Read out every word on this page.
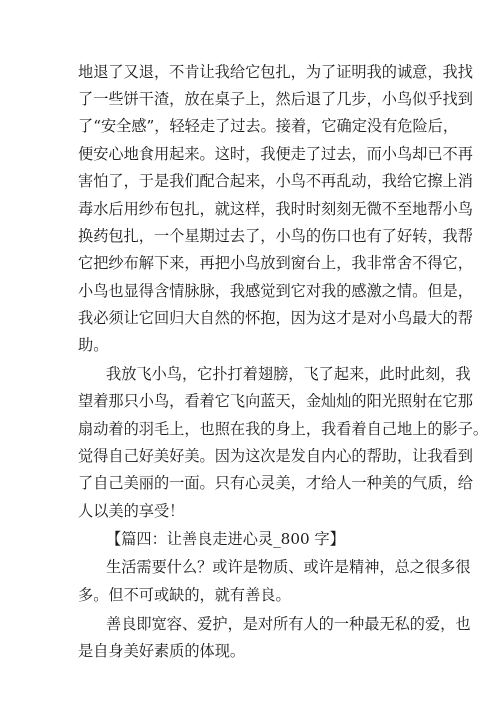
地退了又退，不肯让我给它包扎，为了证明我的诚意，我找
了一些饼干渣，放在桌子上，然后退了几步，小鸟似乎找到
了“安全感”，轻轻走了过去。接着，它确定没有危险后，
便安心地食用起来。这时，我便走了过去，而小鸟却已不再
害怕了，于是我们配合起来，小鸟不再乱动，我给它擦上消
毒水后用纱布包扎，就这样，我时时刻刻无微不至地帮小鸟
换药包扎，一个星期过去了，小鸟的伤口也有了好转，我帮
它把纱布解下来，再把小鸟放到窗台上，我非常舍不得它，
小鸟也显得含情脉脉，我感觉到它对我的感激之情。但是，
我必须让它回归大自然的怀抱，因为这才是对小鸟最大的帮
助。
我放飞小鸟，它扑打着翅膀，飞了起来，此时此刻，我
望着那只小鸟，看着它飞向蓝天，金灿灿的阳光照射在它那
扇动着的羽毛上，也照在我的身上，我看着自己地上的影子。
觉得自己好美好美。因为这次是发自内心的帮助，让我看到
了自己美丽的一面。只有心灵美，才给人一种美的气质，给
人以美的享受！
【篇四：让善良走进心灵_800 字】
生活需要什么？或许是物质、或许是精神，总之很多很
多。但不可或缺的，就有善良。
善良即宽容、爱护，是对所有人的一种最无私的爱，也
是自身美好素质的体现。
